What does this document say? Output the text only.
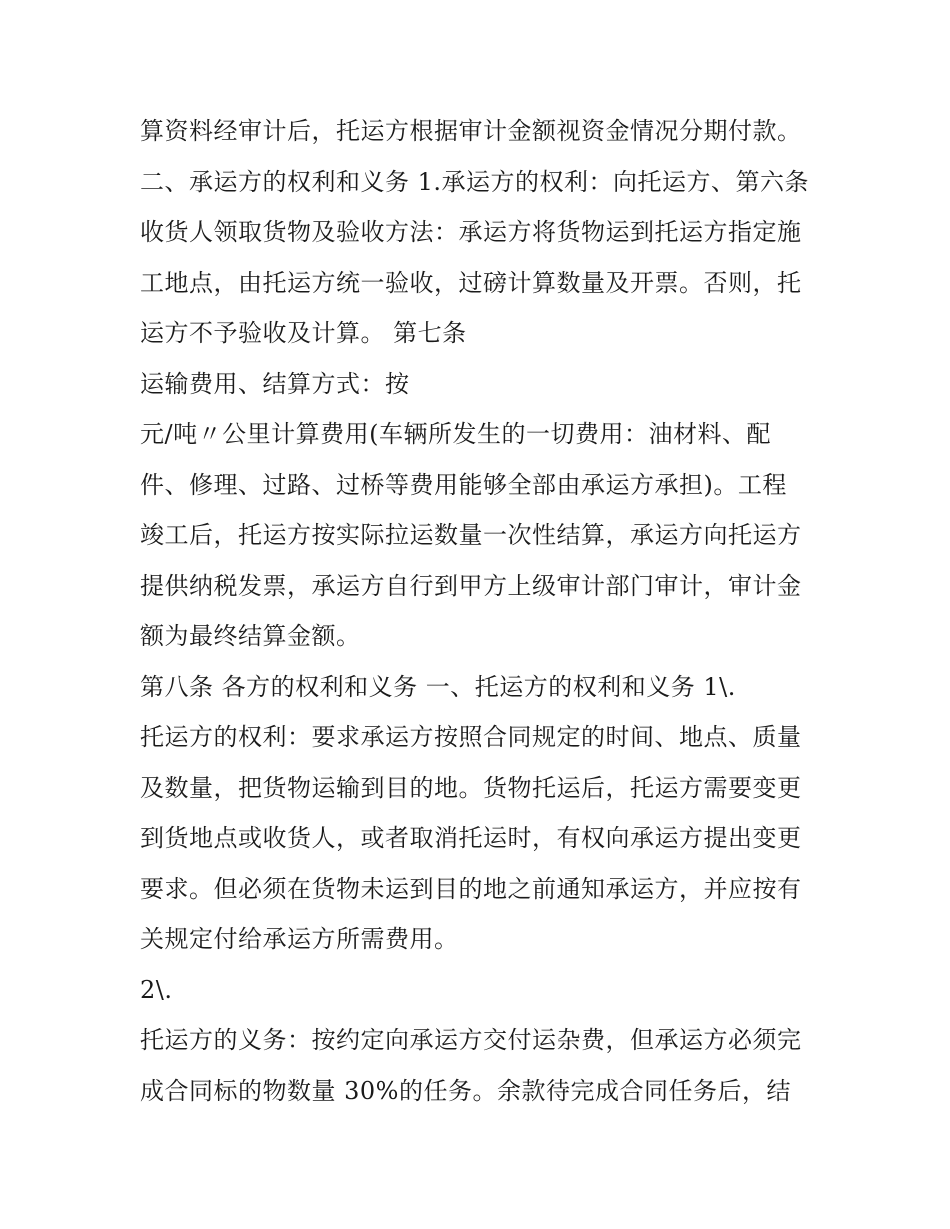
算资料经审计后，托运方根据审计金额视资金情况分期付款。
二、承运方的权利和义务 1.承运方的权利：向托运方、第六条
收货人领取货物及验收方法：承运方将货物运到托运方指定施
工地点，由托运方统一验收，过磅计算数量及开票。否则，托
运方不予验收及计算。 第七条
运输费用、结算方式：按
元/吨〃公里计算费用(车辆所发生的一切费用：油材料、配
件、修理、过路、过桥等费用能够全部由承运方承担)。工程
竣工后，托运方按实际拉运数量一次性结算，承运方向托运方
提供纳税发票，承运方自行到甲方上级审计部门审计，审计金
额为最终结算金额。
第八条 各方的权利和义务 一、托运方的权利和义务 1\.
托运方的权利：要求承运方按照合同规定的时间、地点、质量
及数量，把货物运输到目的地。货物托运后，托运方需要变更
到货地点或收货人，或者取消托运时，有权向承运方提出变更
要求。但必须在货物未运到目的地之前通知承运方，并应按有
关规定付给承运方所需费用。
2\.
托运方的义务：按约定向承运方交付运杂费，但承运方必须完
成合同标的物数量 30%的任务。余款待完成合同任务后，结
